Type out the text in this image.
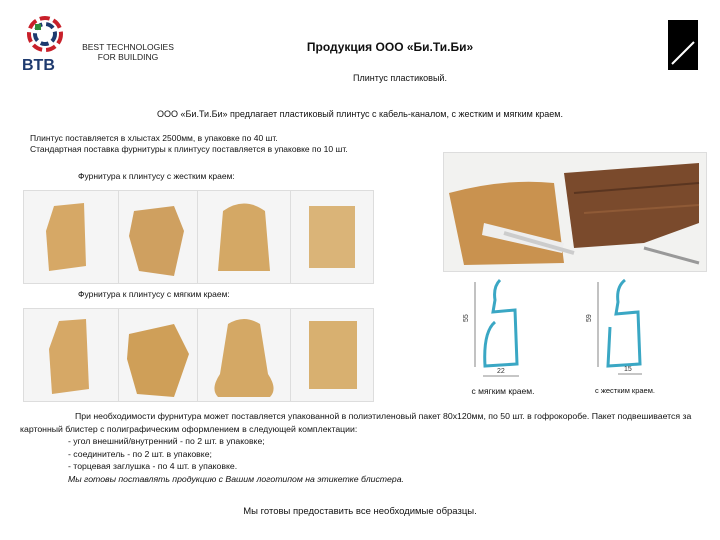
BTB
BEST TECHNOLOGIES
FOR BUILDING
Продукция ООО «Би.Ти.Би»
Плинтус пластиковый.
ООО «Би.Ти.Би» предлагает пластиковый плинтус с кабель-каналом, с жестким и мягким краем.
Плинтус поставляется в хлыстах 2500мм, в упаковке по 40 шт.
Стандартная поставка фурнитуры к плинтусу поставляется в упаковке по 10 шт.
Фурнитура к плинтусу с жестким краем:
Фурнитура к плинтусу с мягким краем:
55
22
с мягким краем.
59
15
с жестким краем.

При необходимости фурнитура может поставляется упакованной в полиэтиленовый пакет 80х120мм, по 50 шт. в гофрокоробе. Пакет подвешивается за картонный блистер с полиграфическим оформлением в следующей комплектации:

- угол внешний/внутренний - по 2 шт. в упаковке;

- соединитель - по 2 шт. в упаковке;

- торцевая заглушка - по 4 шт. в упаковке.

Мы готовы поставлять продукцию с Вашим логотипом на этикетке блистера.

Мы готовы предоставить все необходимые образцы.
